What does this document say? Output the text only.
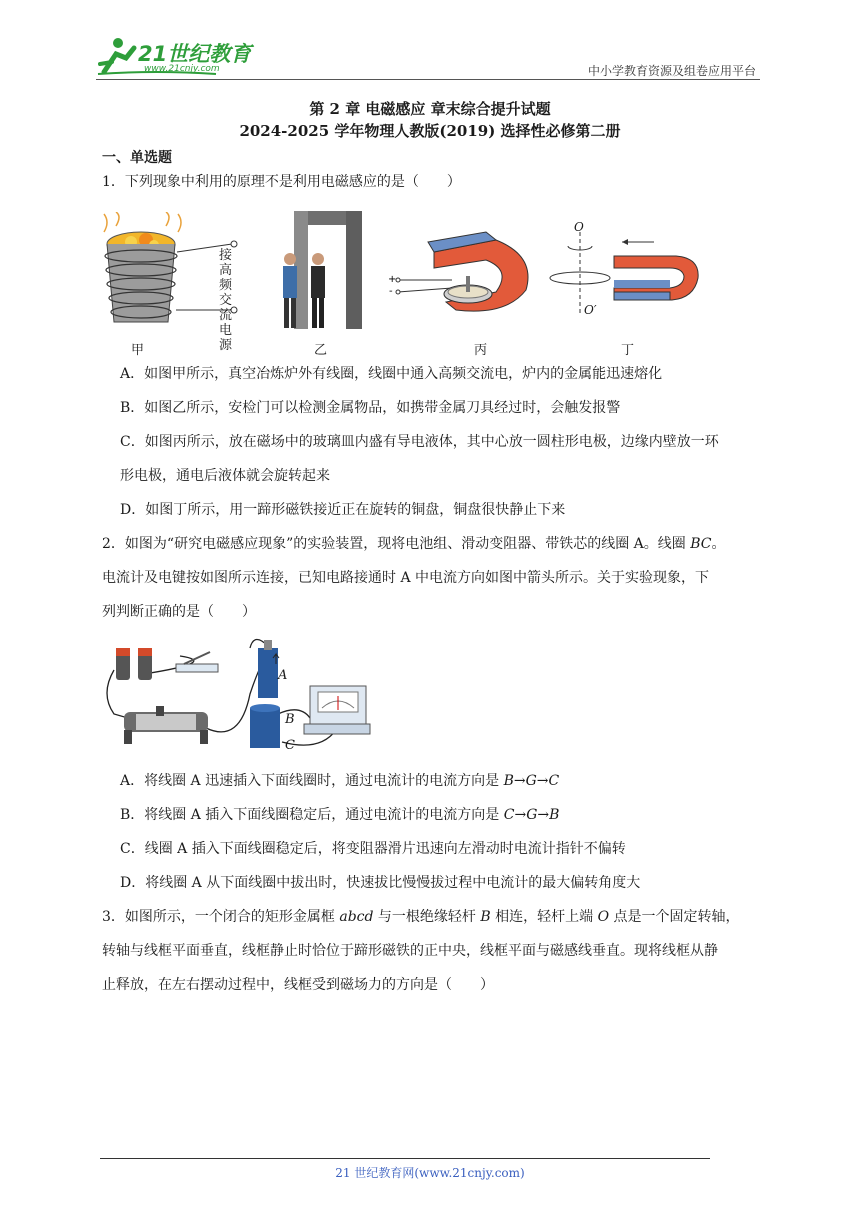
21世纪教育
www.21cnjy.com	中小学教育资源及组卷应用平台
第 2 章 电磁感应 章末综合提升试题
2024-2025 学年物理人教版(2019) 选择性必修第二册
一、单选题
1．下列现象中利用的原理不是利用电磁感应的是（　　）
接高频交流电源
+
-
O
O′
甲	乙	丙	丁
A．如图甲所示，真空冶炼炉外有线圈，线圈中通入高频交流电，炉内的金属能迅速熔化
B．如图乙所示，安检门可以检测金属物品，如携带金属刀具经过时，会触发报警
C．如图丙所示，放在磁场中的玻璃皿内盛有导电液体，其中心放一圆柱形电极，边缘内壁放一环
形电极，通电后液体就会旋转起来
D．如图丁所示，用一蹄形磁铁接近正在旋转的铜盘，铜盘很快静止下来
2．如图为“研究电磁感应现象”的实验装置，现将电池组、滑动变阻器、带铁芯的线圈 A。线圈 BC。
电流计及电键按如图所示连接，已知电路接通时 A 中电流方向如图中箭头所示。关于实验现象，下
列判断正确的是（　　）
A
B
C
A．将线圈 A 迅速插入下面线圈时，通过电流计的电流方向是 B→G→C
B．将线圈 A 插入下面线圈稳定后，通过电流计的电流方向是 C→G→B
C．线圈 A 插入下面线圈稳定后，将变阻器滑片迅速向左滑动时电流计指针不偏转
D．将线圈 A 从下面线圈中拔出时，快速拔比慢慢拔过程中电流计的最大偏转角度大
3．如图所示，一个闭合的矩形金属框 abcd 与一根绝缘轻杆 B 相连，轻杆上端 O 点是一个固定转轴，
转轴与线框平面垂直，线框静止时恰位于蹄形磁铁的正中央，线框平面与磁感线垂直。现将线框从静
止释放，在左右摆动过程中，线框受到磁场力的方向是（　　）
21 世纪教育网(www.21cnjy.com)
